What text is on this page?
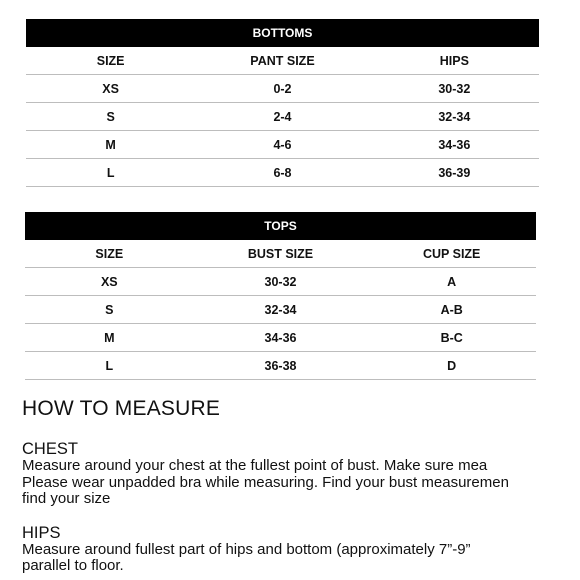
BOTTOMS		
SIZE	PANT SIZE	HIPS
XS	0-2	30-32
S	2-4	32-34
M	4-6	34-36
L	6-8	36-39
TOPS		
SIZE	BUST SIZE	CUP SIZE
XS	30-32	A
S	32-34	A-B
M	34-36	B-C
L	36-38	D
HOW TO MEASURE
CHEST

Measure around your chest at the fullest point of bust. Make sure mea

Please wear unpadded bra while measuring. Find your bust measuremen

find your size

HIPS

Measure around fullest part of hips and bottom (approximately 7”-9”

parallel to floor.
